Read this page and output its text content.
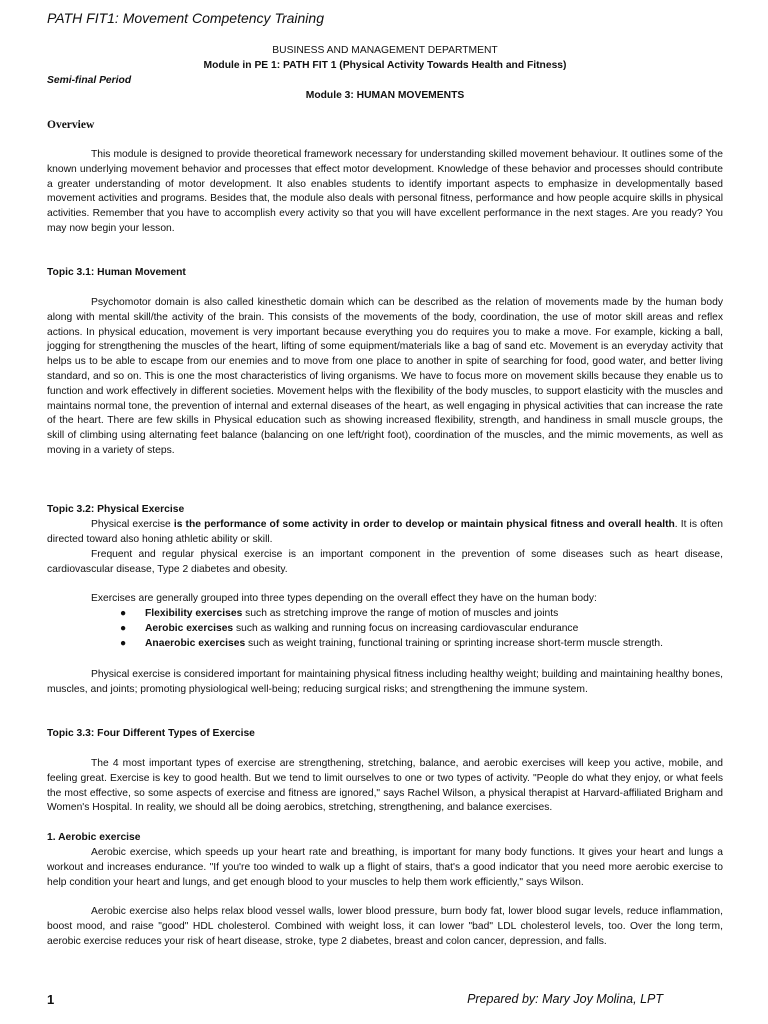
PATH FIT1: Movement Competency Training
BUSINESS AND MANAGEMENT DEPARTMENT
Module in PE 1: PATH FIT 1 (Physical Activity Towards Health and Fitness)
Semi-final Period
Module 3: HUMAN MOVEMENTS
Overview
This module is designed to provide theoretical framework necessary for understanding skilled movement behaviour. It outlines some of the known underlying movement behavior and processes that effect motor development. Knowledge of these behavior and processes should contribute a greater understanding of motor development. It also enables students to identify important aspects to emphasize in developmentally based movement activities and programs. Besides that, the module also deals with personal fitness, performance and how people acquire skills in physical activities. Remember that you have to accomplish every activity so that you will have excellent performance in the next stages. Are you ready? You may now begin your lesson.
Topic 3.1: Human Movement
Psychomotor domain is also called kinesthetic domain which can be described as the relation of movements made by the human body along with mental skill/the activity of the brain. This consists of the movements of the body, coordination, the use of motor skill areas and reflex actions. In physical education, movement is very important because everything you do requires you to make a move. For example, kicking a ball, jogging for strengthening the muscles of the heart, lifting of some equipment/materials like a bag of sand etc. Movement is an everyday activity that helps us to be able to escape from our enemies and to move from one place to another in spite of searching for food, good water, and better living standard, and so on. This is one the most characteristics of living organisms. We have to focus more on movement skills because they enable us to function and work effectively in different societies. Movement helps with the flexibility of the body muscles, to support elasticity with the muscles and maintains normal tone, the prevention of internal and external diseases of the heart, as well engaging in physical activities that can increase the rate of the heart. There are few skills in Physical education such as showing increased flexibility, strength, and handiness in small muscle groups, the skill of climbing using alternating feet balance (balancing on one left/right foot), coordination of the muscles, and the mimic movements, as well as moving in a variety of steps.
Topic 3.2: Physical Exercise
Physical exercise is the performance of some activity in order to develop or maintain physical fitness and overall health. It is often directed toward also honing athletic ability or skill.
Frequent and regular physical exercise is an important component in the prevention of some diseases such as heart disease, cardiovascular disease, Type 2 diabetes and obesity.
Exercises are generally grouped into three types depending on the overall effect they have on the human body:
● Flexibility exercises such as stretching improve the range of motion of muscles and joints
● Aerobic exercises such as walking and running focus on increasing cardiovascular endurance
● Anaerobic exercises such as weight training, functional training or sprinting increase short-term muscle strength.
Physical exercise is considered important for maintaining physical fitness including healthy weight; building and maintaining healthy bones, muscles, and joints; promoting physiological well-being; reducing surgical risks; and strengthening the immune system.
Topic 3.3: Four Different Types of Exercise
The 4 most important types of exercise are strengthening, stretching, balance, and aerobic exercises will keep you active, mobile, and feeling great. Exercise is key to good health. But we tend to limit ourselves to one or two types of activity. "People do what they enjoy, or what feels the most effective, so some aspects of exercise and fitness are ignored," says Rachel Wilson, a physical therapist at Harvard-affiliated Brigham and Women's Hospital. In reality, we should all be doing aerobics, stretching, strengthening, and balance exercises.
1. Aerobic exercise
Aerobic exercise, which speeds up your heart rate and breathing, is important for many body functions. It gives your heart and lungs a workout and increases endurance. "If you're too winded to walk up a flight of stairs, that's a good indicator that you need more aerobic exercise to help condition your heart and lungs, and get enough blood to your muscles to help them work efficiently," says Wilson.
Aerobic exercise also helps relax blood vessel walls, lower blood pressure, burn body fat, lower blood sugar levels, reduce inflammation, boost mood, and raise "good" HDL cholesterol. Combined with weight loss, it can lower "bad" LDL cholesterol levels, too. Over the long term, aerobic exercise reduces your risk of heart disease, stroke, type 2 diabetes, breast and colon cancer, depression, and falls.
1	Prepared by: Mary Joy Molina, LPT
